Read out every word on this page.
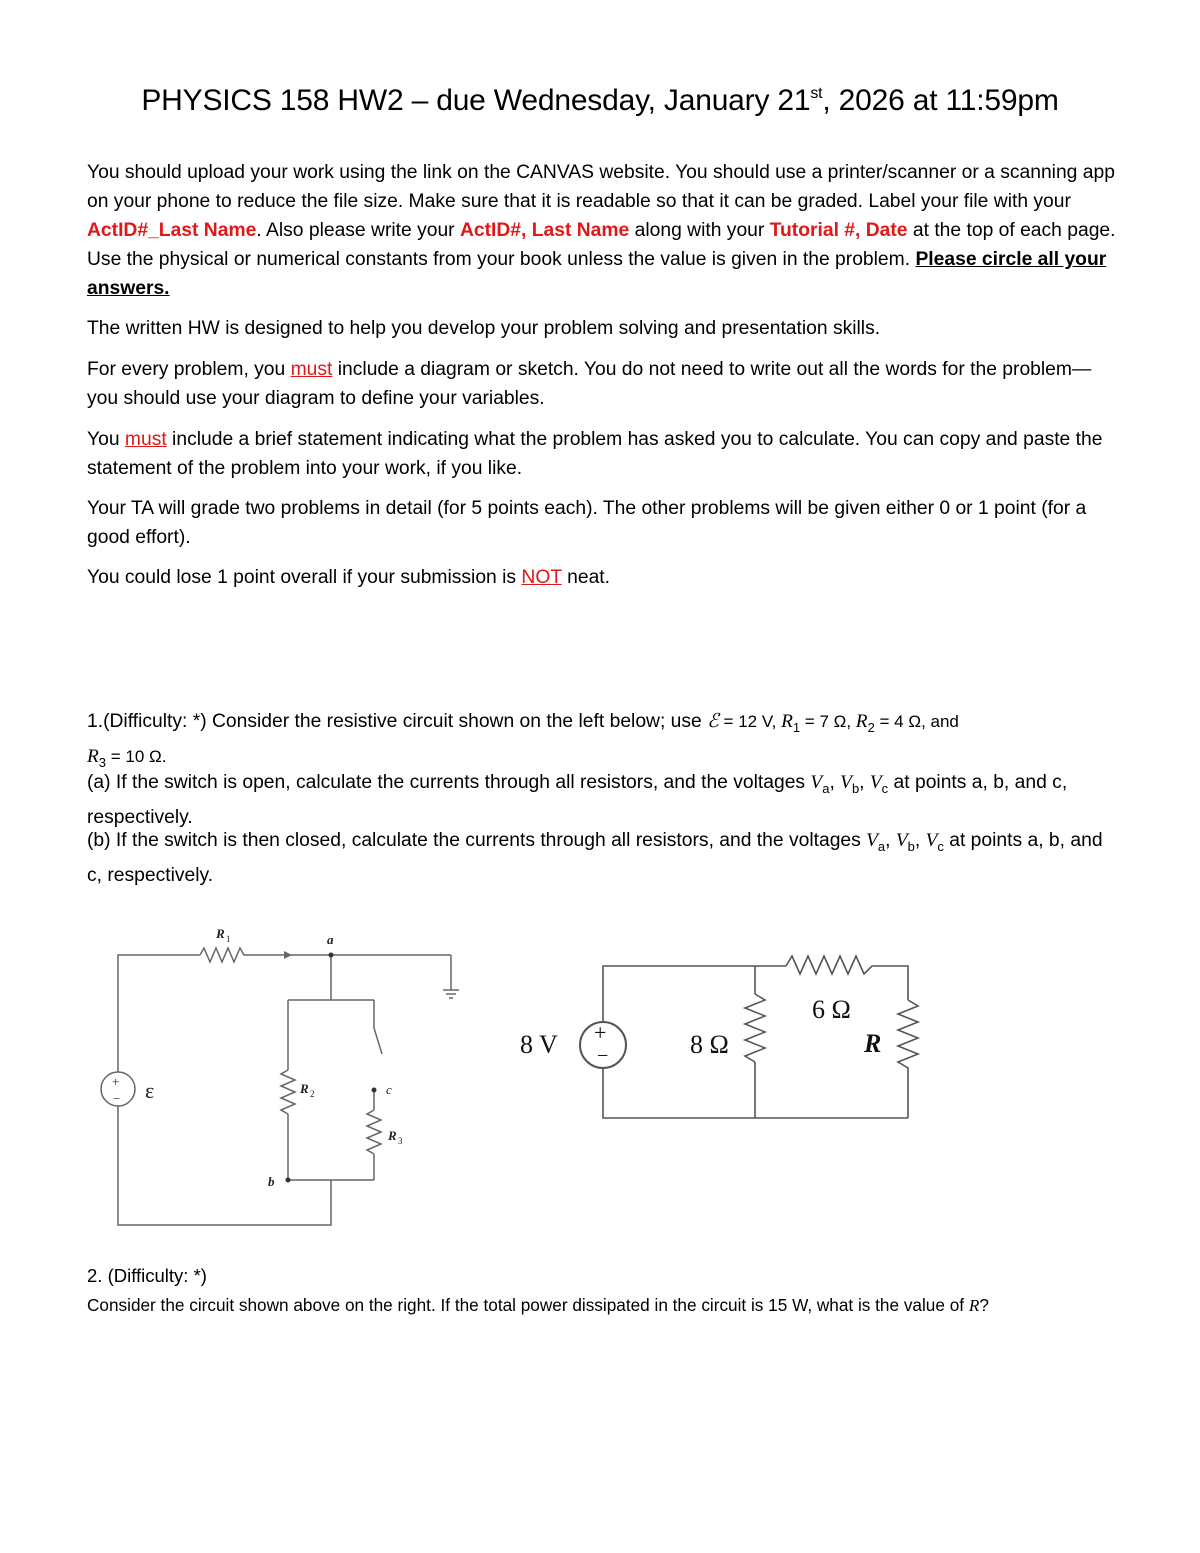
PHYSICS 158 HW2 – due Wednesday, January 21st, 2026 at 11:59pm

You should upload your work using the link on the CANVAS website. You should use a printer/scanner or a scanning app on your phone to reduce the file size. Make sure that it is readable so that it can be graded. Label your file with your ActID#_Last Name. Also please write your ActID#, Last Name along with your Tutorial #, Date at the top of each page. Use the physical or numerical constants from your book unless the value is given in the problem. Please circle all your answers.

The written HW is designed to help you develop your problem solving and presentation skills.

For every problem, you must include a diagram or sketch. You do not need to write out all the words for the problem—you should use your diagram to define your variables.

You must include a brief statement indicating what the problem has asked you to calculate. You can copy and paste the statement of the problem into your work, if you like.

Your TA will grade two problems in detail (for 5 points each). The other problems will be given either 0 or 1 point (for a good effort).

You could lose 1 point overall if your submission is NOT neat.

1.(Difficulty: *) Consider the resistive circuit shown on the left below; use ℰ = 12 V, $R_1 = 7$ Ω, $R_2 = 4$ Ω, and
$R_3 = 10$ Ω.

(a) If the switch is open, calculate the currents through all resistors, and the voltages $V_a$, $V_b$, $V_c$ at points a, b, and c, respectively.

(b) If the switch is then closed, calculate the currents through all resistors, and the voltages $V_a$, $V_b$, $V_c$ at points a, b, and c, respectively.

R 1	a
R 2	c
R 3
b
+
− ε
+
−
8 V	8 Ω
6 Ω
R

2. (Difficulty: *)

Consider the circuit shown above on the right. If the total power dissipated in the circuit is 15 W, what is the value of R?
